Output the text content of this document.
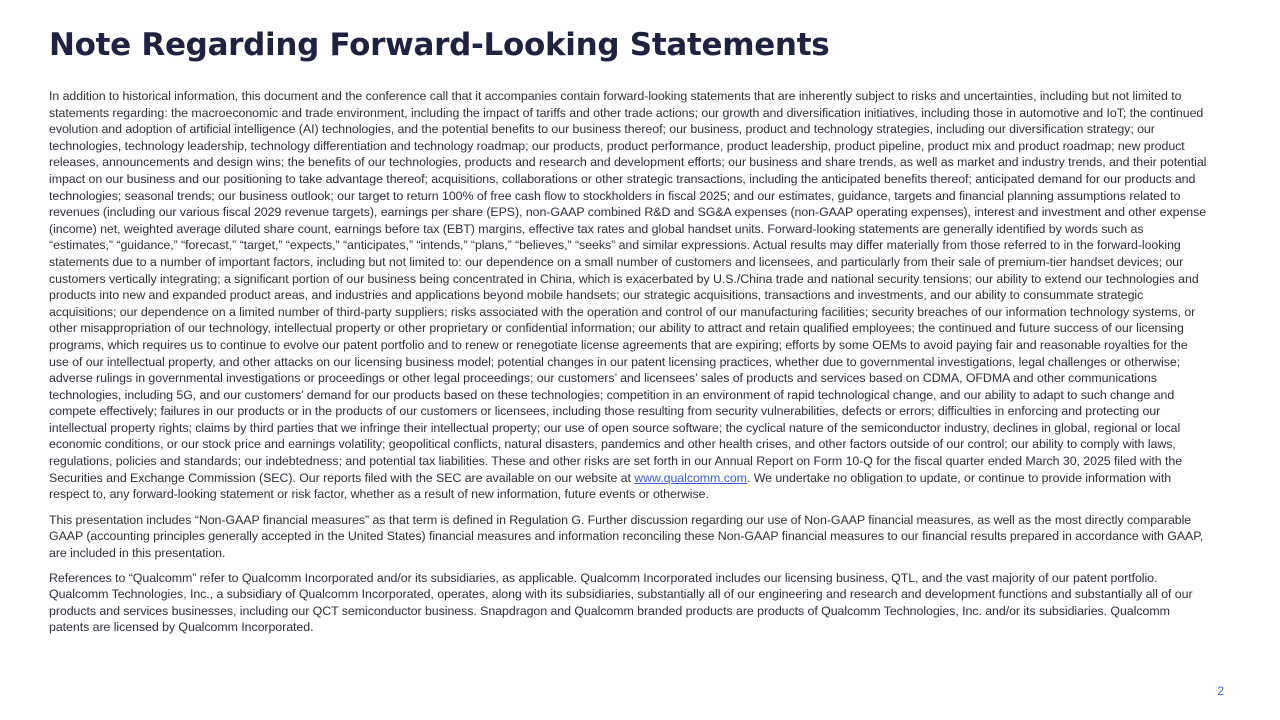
Note Regarding Forward-Looking Statements

In addition to historical information, this document and the conference call that it accompanies contain forward-looking statements that are inherently subject to risks and uncertainties, including but not limited to statements regarding: the macroeconomic and trade environment, including the impact of tariffs and other trade actions; our growth and diversification initiatives, including those in automotive and IoT; the continued evolution and adoption of artificial intelligence (AI) technologies, and the potential benefits to our business thereof; our business, product and technology strategies, including our diversification strategy; our technologies, technology leadership, technology differentiation and technology roadmap; our products, product performance, product leadership, product pipeline, product mix and product roadmap; new product releases, announcements and design wins; the benefits of our technologies, products and research and development efforts; our business and share trends, as well as market and industry trends, and their potential impact on our business and our positioning to take advantage thereof; acquisitions, collaborations or other strategic transactions, including the anticipated benefits thereof; anticipated demand for our products and technologies; seasonal trends; our business outlook; our target to return 100% of free cash flow to stockholders in fiscal 2025; and our estimates, guidance, targets and financial planning assumptions related to revenues (including our various fiscal 2029 revenue targets), earnings per share (EPS), non-GAAP combined R&D and SG&A expenses (non-GAAP operating expenses), interest and investment and other expense (income) net, weighted average diluted share count, earnings before tax (EBT) margins, effective tax rates and global handset units. Forward-looking statements are generally identified by words such as “estimates,” “guidance,” “forecast,” “target,” “expects,” “anticipates,” “intends,” “plans,” “believes,” “seeks” and similar expressions. Actual results may differ materially from those referred to in the forward-looking statements due to a number of important factors, including but not limited to: our dependence on a small number of customers and licensees, and particularly from their sale of premium-tier handset devices; our customers vertically integrating; a significant portion of our business being concentrated in China, which is exacerbated by U.S./China trade and national security tensions; our ability to extend our technologies and products into new and expanded product areas, and industries and applications beyond mobile handsets; our strategic acquisitions, transactions and investments, and our ability to consummate strategic acquisitions; our dependence on a limited number of third-party suppliers; risks associated with the operation and control of our manufacturing facilities; security breaches of our information technology systems, or other misappropriation of our technology, intellectual property or other proprietary or confidential information; our ability to attract and retain qualified employees; the continued and future success of our licensing programs, which requires us to continue to evolve our patent portfolio and to renew or renegotiate license agreements that are expiring; efforts by some OEMs to avoid paying fair and reasonable royalties for the use of our intellectual property, and other attacks on our licensing business model; potential changes in our patent licensing practices, whether due to governmental investigations, legal challenges or otherwise; adverse rulings in governmental investigations or proceedings or other legal proceedings; our customers’ and licensees’ sales of products and services based on CDMA, OFDMA and other communications technologies, including 5G, and our customers’ demand for our products based on these technologies; competition in an environment of rapid technological change, and our ability to adapt to such change and compete effectively; failures in our products or in the products of our customers or licensees, including those resulting from security vulnerabilities, defects or errors; difficulties in enforcing and protecting our intellectual property rights; claims by third parties that we infringe their intellectual property; our use of open source software; the cyclical nature of the semiconductor industry, declines in global, regional or local economic conditions, or our stock price and earnings volatility; geopolitical conflicts, natural disasters, pandemics and other health crises, and other factors outside of our control; our ability to comply with laws, regulations, policies and standards; our indebtedness; and potential tax liabilities. These and other risks are set forth in our Annual Report on Form 10-Q for the fiscal quarter ended March 30, 2025 filed with the Securities and Exchange Commission (SEC). Our reports filed with the SEC are available on our website at www.qualcomm.com. We undertake no obligation to update, or continue to provide information with respect to, any forward-looking statement or risk factor, whether as a result of new information, future events or otherwise.

This presentation includes “Non-GAAP financial measures” as that term is defined in Regulation G. Further discussion regarding our use of Non-GAAP financial measures, as well as the most directly comparable GAAP (accounting principles generally accepted in the United States) financial measures and information reconciling these Non-GAAP financial measures to our financial results prepared in accordance with GAAP, are included in this presentation.

References to “Qualcomm” refer to Qualcomm Incorporated and/or its subsidiaries, as applicable. Qualcomm Incorporated includes our licensing business, QTL, and the vast majority of our patent portfolio. Qualcomm Technologies, Inc., a subsidiary of Qualcomm Incorporated, operates, along with its subsidiaries, substantially all of our engineering and research and development functions and substantially all of our products and services businesses, including our QCT semiconductor business. Snapdragon and Qualcomm branded products are products of Qualcomm Technologies, Inc. and/or its subsidiaries. Qualcomm patents are licensed by Qualcomm Incorporated.

2
